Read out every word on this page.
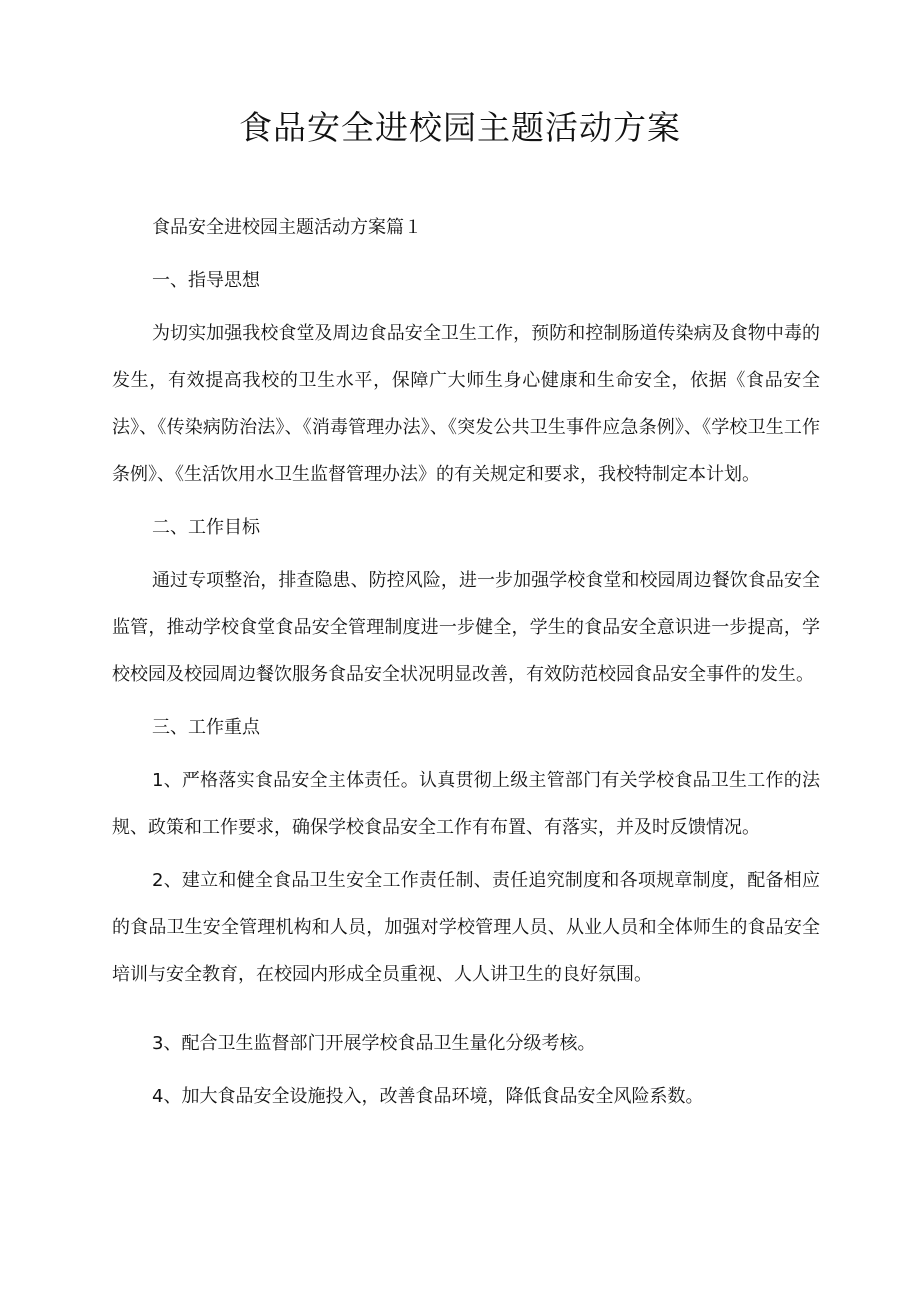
食品安全进校园主题活动方案

食品安全进校园主题活动方案篇１

一、指导思想

为切实加强我校食堂及周边食品安全卫生工作，预防和控制肠道传染病及食物中毒的发生，有效提高我校的卫生水平，保障广大师生身心健康和生命安全，依据《食品安全法》、《传染病防治法》、《消毒管理办法》、《突发公共卫生事件应急条例》、《学校卫生工作条例》、《生活饮用水卫生监督管理办法》的有关规定和要求，我校特制定本计划。

二、工作目标

通过专项整治，排查隐患、防控风险，进一步加强学校食堂和校园周边餐饮食品安全监管，推动学校食堂食品安全管理制度进一步健全，学生的食品安全意识进一步提高，学校校园及校园周边餐饮服务食品安全状况明显改善，有效防范校园食品安全事件的发生。

三、工作重点

1、严格落实食品安全主体责任。认真贯彻上级主管部门有关学校食品卫生工作的法规、政策和工作要求，确保学校食品安全工作有布置、有落实，并及时反馈情况。

2、建立和健全食品卫生安全工作责任制、责任追究制度和各项规章制度，配备相应的食品卫生安全管理机构和人员，加强对学校管理人员、从业人员和全体师生的食品安全培训与安全教育，在校园内形成全员重视、人人讲卫生的良好氛围。

3、配合卫生监督部门开展学校食品卫生量化分级考核。

4、加大食品安全设施投入，改善食品环境，降低食品安全风险系数。
